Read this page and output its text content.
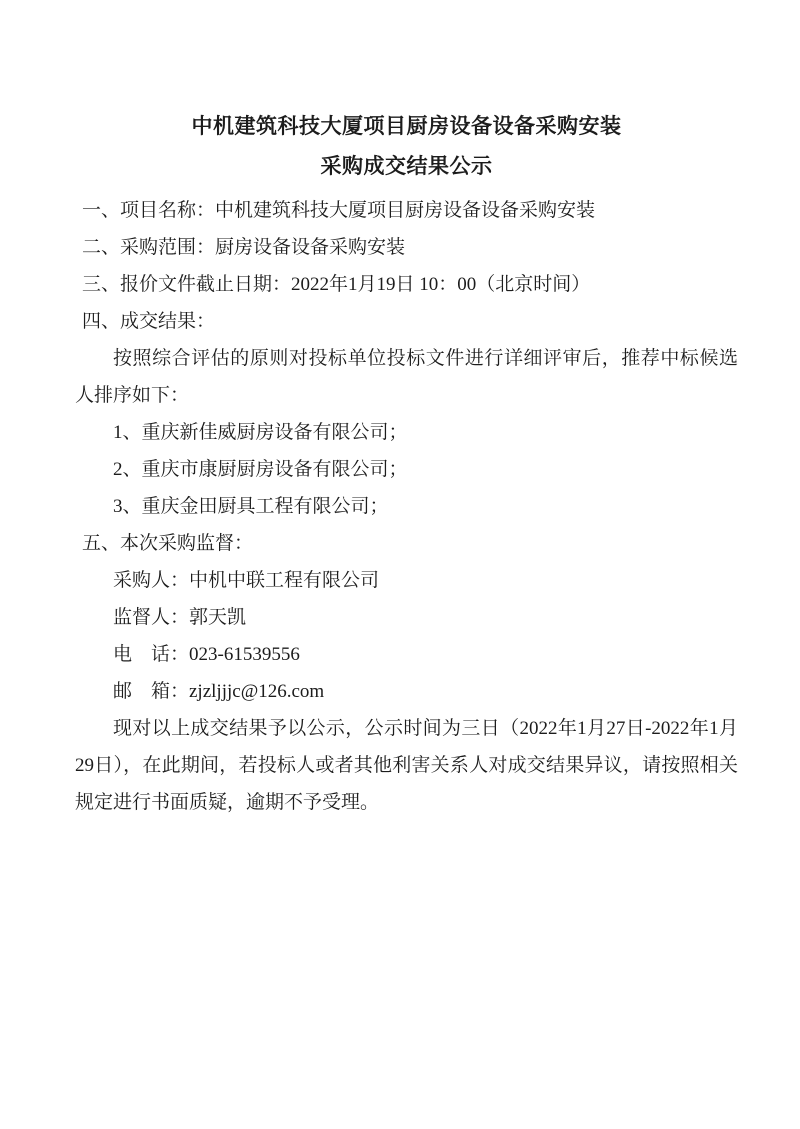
中机建筑科技大厦项目厨房设备设备采购安装
采购成交结果公示
一、项目名称：中机建筑科技大厦项目厨房设备设备采购安装
二、采购范围：厨房设备设备采购安装
三、报价文件截止日期：2022年1月19日 10：00（北京时间）
四、成交结果：
按照综合评估的原则对投标单位投标文件进行详细评审后，推荐中标候选人排序如下：
1、重庆新佳威厨房设备有限公司；
2、重庆市康厨厨房设备有限公司；
3、重庆金田厨具工程有限公司；
五、本次采购监督：
采购人：中机中联工程有限公司
监督人：郭天凯
电　话：023-61539556
邮　箱：zjzljjjc@126.com
现对以上成交结果予以公示，公示时间为三日（2022年1月27日-2022年1月29日），在此期间，若投标人或者其他利害关系人对成交结果异议，请按照相关规定进行书面质疑，逾期不予受理。
